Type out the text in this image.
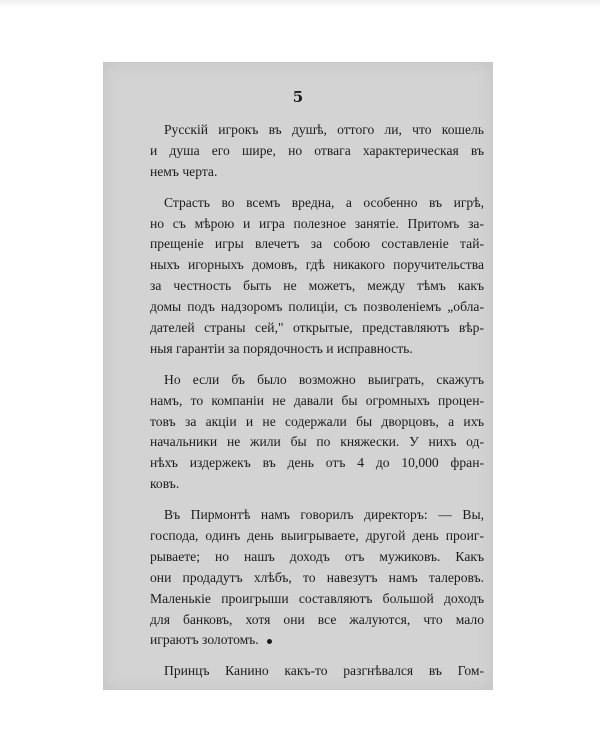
5
Русскій игрокъ въ душѣ, оттого ли, что кошель
и душа его шире, но отвага характерическая въ
немъ черта.
Страсть во всемъ вредна, а особенно въ игрѣ,
но съ мѣрою и игра полезное занятіе. Притомъ за-
прещеніе игры влечетъ за собою составленіе тай-
ныхъ игорныхъ домовъ, гдѣ никакого поручительства
за честность быть не можетъ, между тѣмъ какъ
домы подъ надзоромъ полиціи, съ позволеніемъ „обла-
дателей страны сей," открытые, представляютъ вѣр-
ныя гарантіи за порядочность и исправность.
Но если бъ было возможно выиграть, скажутъ
намъ, то компаніи не давали бы огромныхъ процен-
товъ за акціи и не содержали бы дворцовъ, а ихъ
начальники не жили бы по княжески. У нихъ од-
нѣхъ издержекъ въ день отъ 4 до 10,000 фран-
ковъ.
Въ Пирмонтѣ намъ говорилъ директоръ: — Вы,
господа, одинъ день выигрываете, другой день проиг-
рываете; но нашъ доходъ отъ мужиковъ. Какъ
они продадутъ хлѣбъ, то навезутъ намъ талеровъ.
Маленькіе проигрыши составляютъ большой доходъ
для банковъ, хотя они все жалуются, что мало
играютъ золотомъ.
Принцъ Канино какъ-то разгнѣвался въ Гом-
